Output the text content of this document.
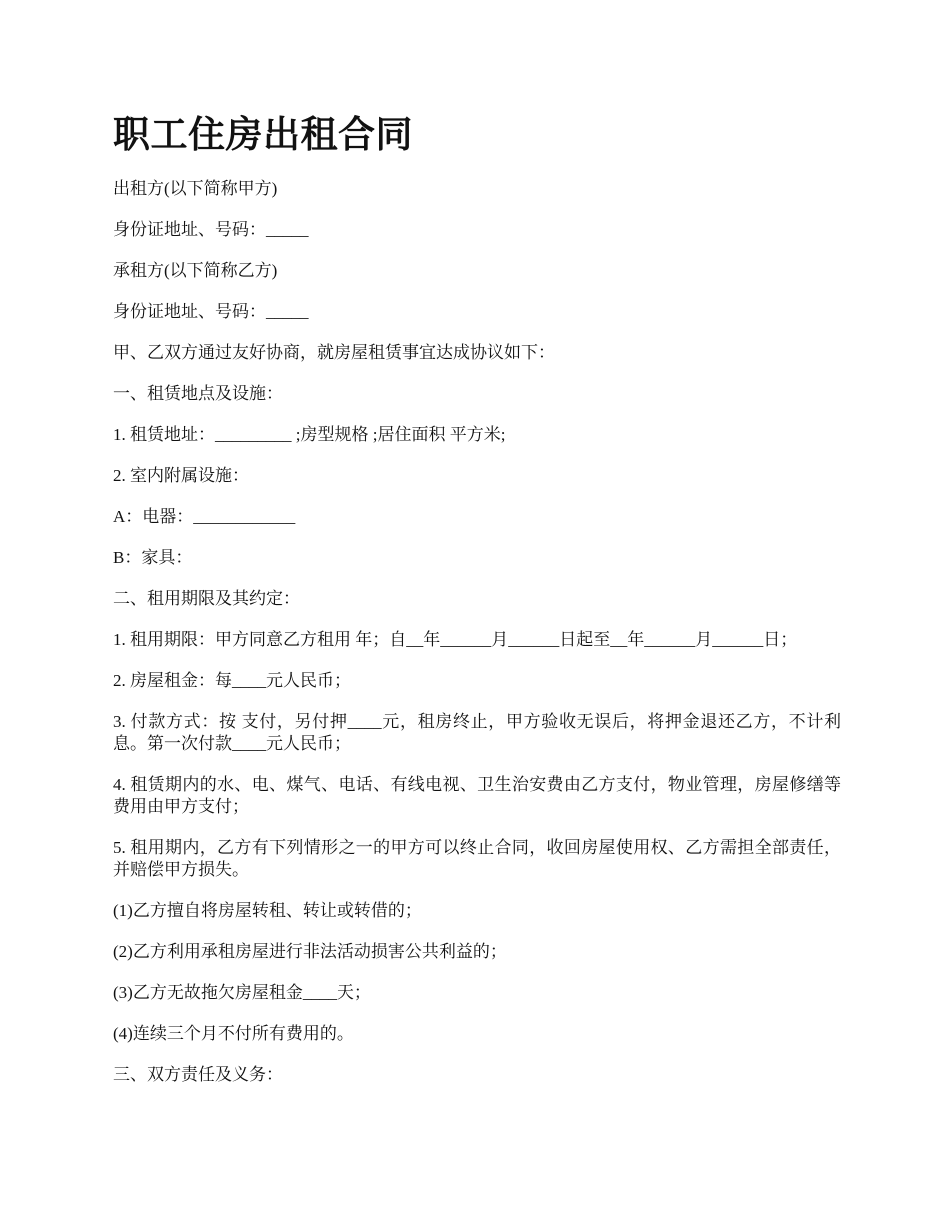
职工住房出租合同

出租方(以下简称甲方)

身份证地址、号码：_____

承租方(以下简称乙方)

身份证地址、号码：_____

甲、乙双方通过友好协商，就房屋租赁事宜达成协议如下：

一、租赁地点及设施：

1. 租赁地址：_________ ;房型规格 ;居住面积 平方米;

2. 室内附属设施：

A：电器：____________

B：家具：

二、租用期限及其约定：

1. 租用期限：甲方同意乙方租用 年；自__年______月______日起至__年______月______日；

2. 房屋租金：每____元人民币；

3. 付款方式：按 支付，另付押____元，租房终止，甲方验收无误后，将押金退还乙方，不计利息。第一次付款____元人民币；

4. 租赁期内的水、电、煤气、电话、有线电视、卫生治安费由乙方支付，物业管理，房屋修缮等费用由甲方支付；

5. 租用期内，乙方有下列情形之一的甲方可以终止合同，收回房屋使用权、乙方需担全部责任，并赔偿甲方损失。

(1)乙方擅自将房屋转租、转让或转借的；

(2)乙方利用承租房屋进行非法活动损害公共利益的；

(3)乙方无故拖欠房屋租金____天；

(4)连续三个月不付所有费用的。

三、双方责任及义务：
